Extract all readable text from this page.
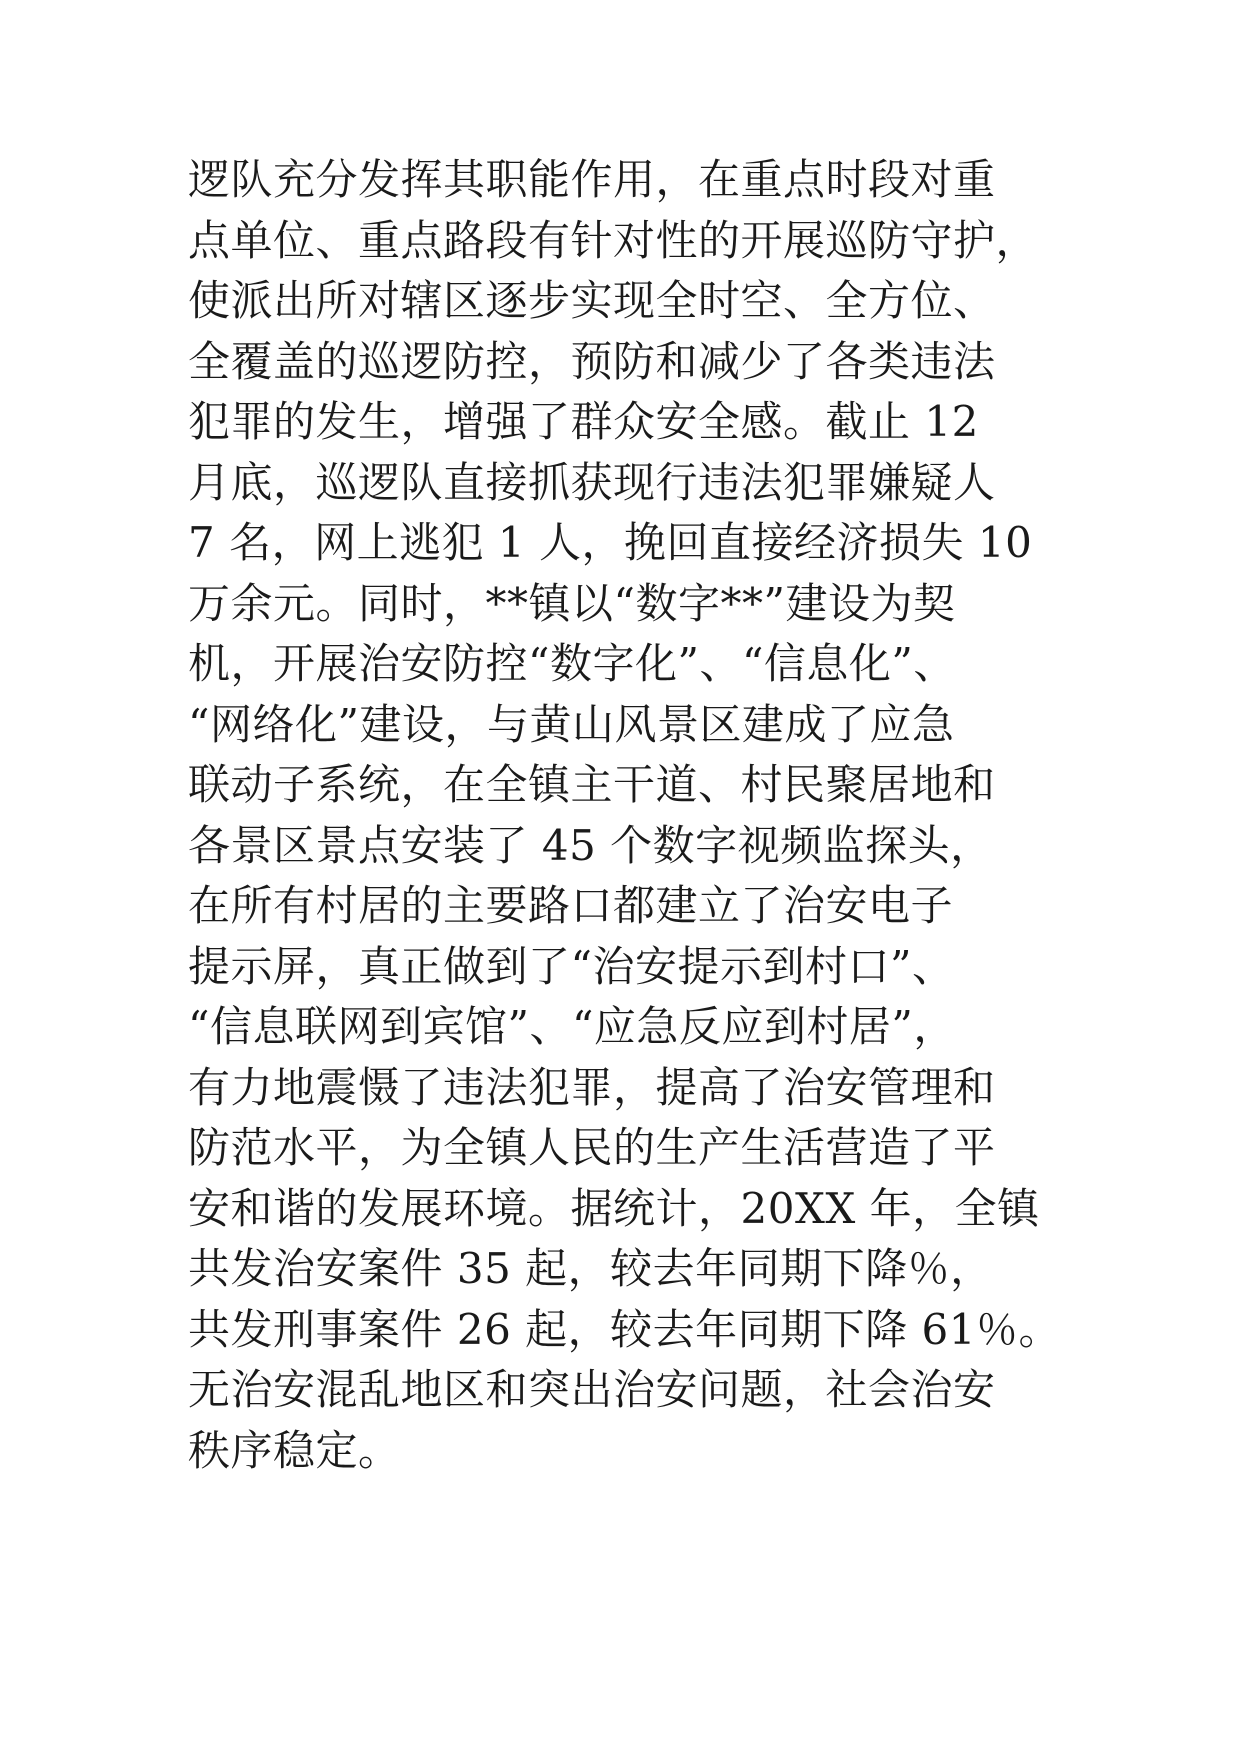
逻队充分发挥其职能作用，在重点时段对重
点单位、重点路段有针对性的开展巡防守护，
使派出所对辖区逐步实现全时空、全方位、
全覆盖的巡逻防控，预防和减少了各类违法
犯罪的发生，增强了群众安全感。截止 12
月底，巡逻队直接抓获现行违法犯罪嫌疑人
7 名，网上逃犯 1 人，挽回直接经济损失 10
万余元。同时，**镇以“数字**”建设为契
机，开展治安防控“数字化”、“信息化”、
“网络化”建设，与黄山风景区建成了应急
联动子系统，在全镇主干道、村民聚居地和
各景区景点安装了 45 个数字视频监探头，
在所有村居的主要路口都建立了治安电子
提示屏，真正做到了“治安提示到村口”、
“信息联网到宾馆”、“应急反应到村居”，
有力地震慑了违法犯罪，提高了治安管理和
防范水平，为全镇人民的生产生活营造了平
安和谐的发展环境。据统计，20XX 年，全镇
共发治安案件 35 起，较去年同期下降％，
共发刑事案件 26 起，较去年同期下降 61％。
无治安混乱地区和突出治安问题，社会治安
秩序稳定。
